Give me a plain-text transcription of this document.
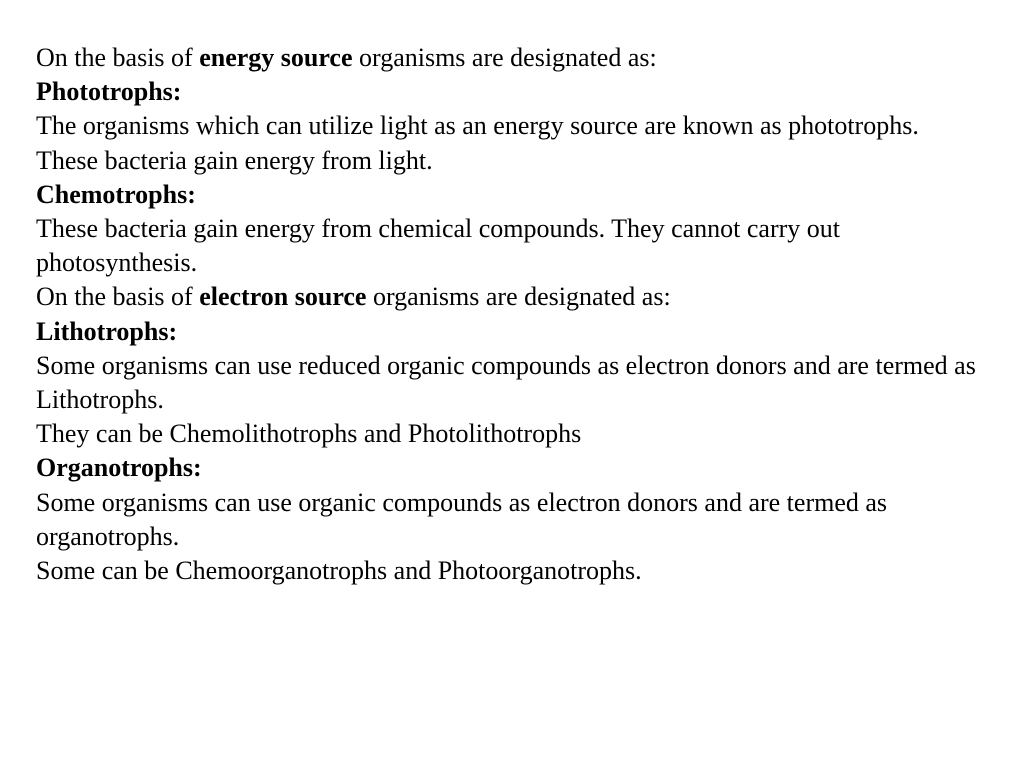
On the basis of energy source organisms are designated as:

Phototrophs:

The organisms which can utilize light as an energy source are known as phototrophs. These bacteria gain energy from light.

Chemotrophs:

These bacteria gain energy from chemical compounds. They cannot carry out photosynthesis.

On the basis of electron source organisms are designated as:

Lithotrophs:

Some organisms can use reduced organic compounds as electron donors and are termed as Lithotrophs.

They can be Chemolithotrophs and Photolithotrophs

Organotrophs:

Some organisms can use organic compounds as electron donors and are termed as organotrophs.

Some can be Chemoorganotrophs and Photoorganotrophs.
